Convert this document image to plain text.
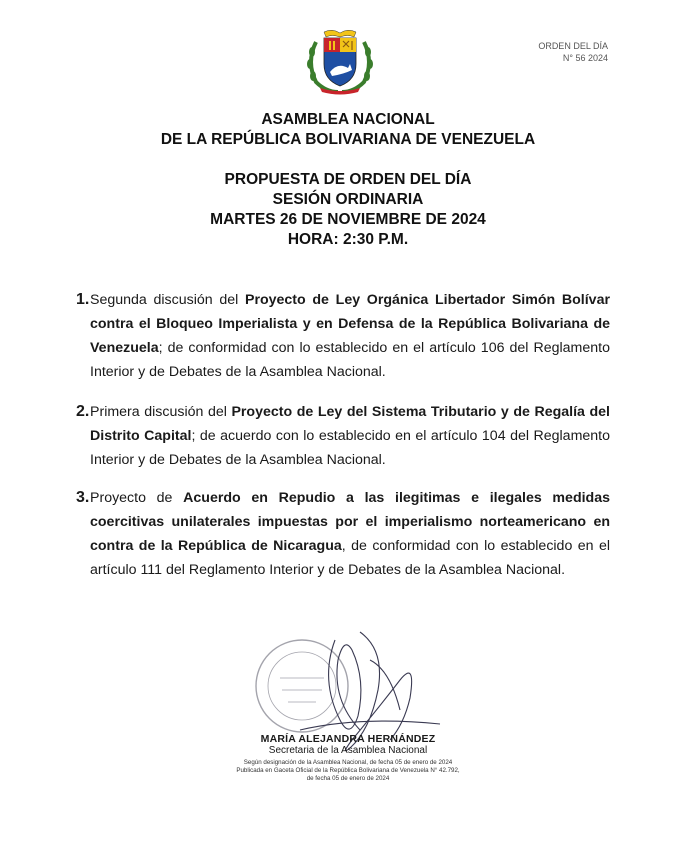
ORDEN DEL DÍA
N° 56 2024
ASAMBLEA NACIONAL
DE LA REPÚBLICA BOLIVARIANA DE VENEZUELA
PROPUESTA DE ORDEN DEL DÍA
SESIÓN ORDINARIA
MARTES 26 DE NOVIEMBRE DE 2024
HORA: 2:30 P.M.
1. Segunda discusión del Proyecto de Ley Orgánica Libertador Simón Bolívar contra el Bloqueo Imperialista y en Defensa de la República Bolivariana de Venezuela; de conformidad con lo establecido en el artículo 106 del Reglamento Interior y de Debates de la Asamblea Nacional.
2. Primera discusión del Proyecto de Ley del Sistema Tributario y de Regalía del Distrito Capital; de acuerdo con lo establecido en el artículo 104 del Reglamento Interior y de Debates de la Asamblea Nacional.
3. Proyecto de Acuerdo en Repudio a las ilegitimas e ilegales medidas coercitivas unilaterales impuestas por el imperialismo norteamericano en contra de la República de Nicaragua, de conformidad con lo establecido en el artículo 111 del Reglamento Interior y de Debates de la Asamblea Nacional.
MARÍA ALEJANDRA HERNÁNDEZ
Secretaria de la Asamblea Nacional
Según designación de la Asamblea Nacional, de fecha 05 de enero de 2024
Publicada en Gaceta Oficial de la República Bolivariana de Venezuela N° 42.792,
de fecha 05 de enero de 2024
